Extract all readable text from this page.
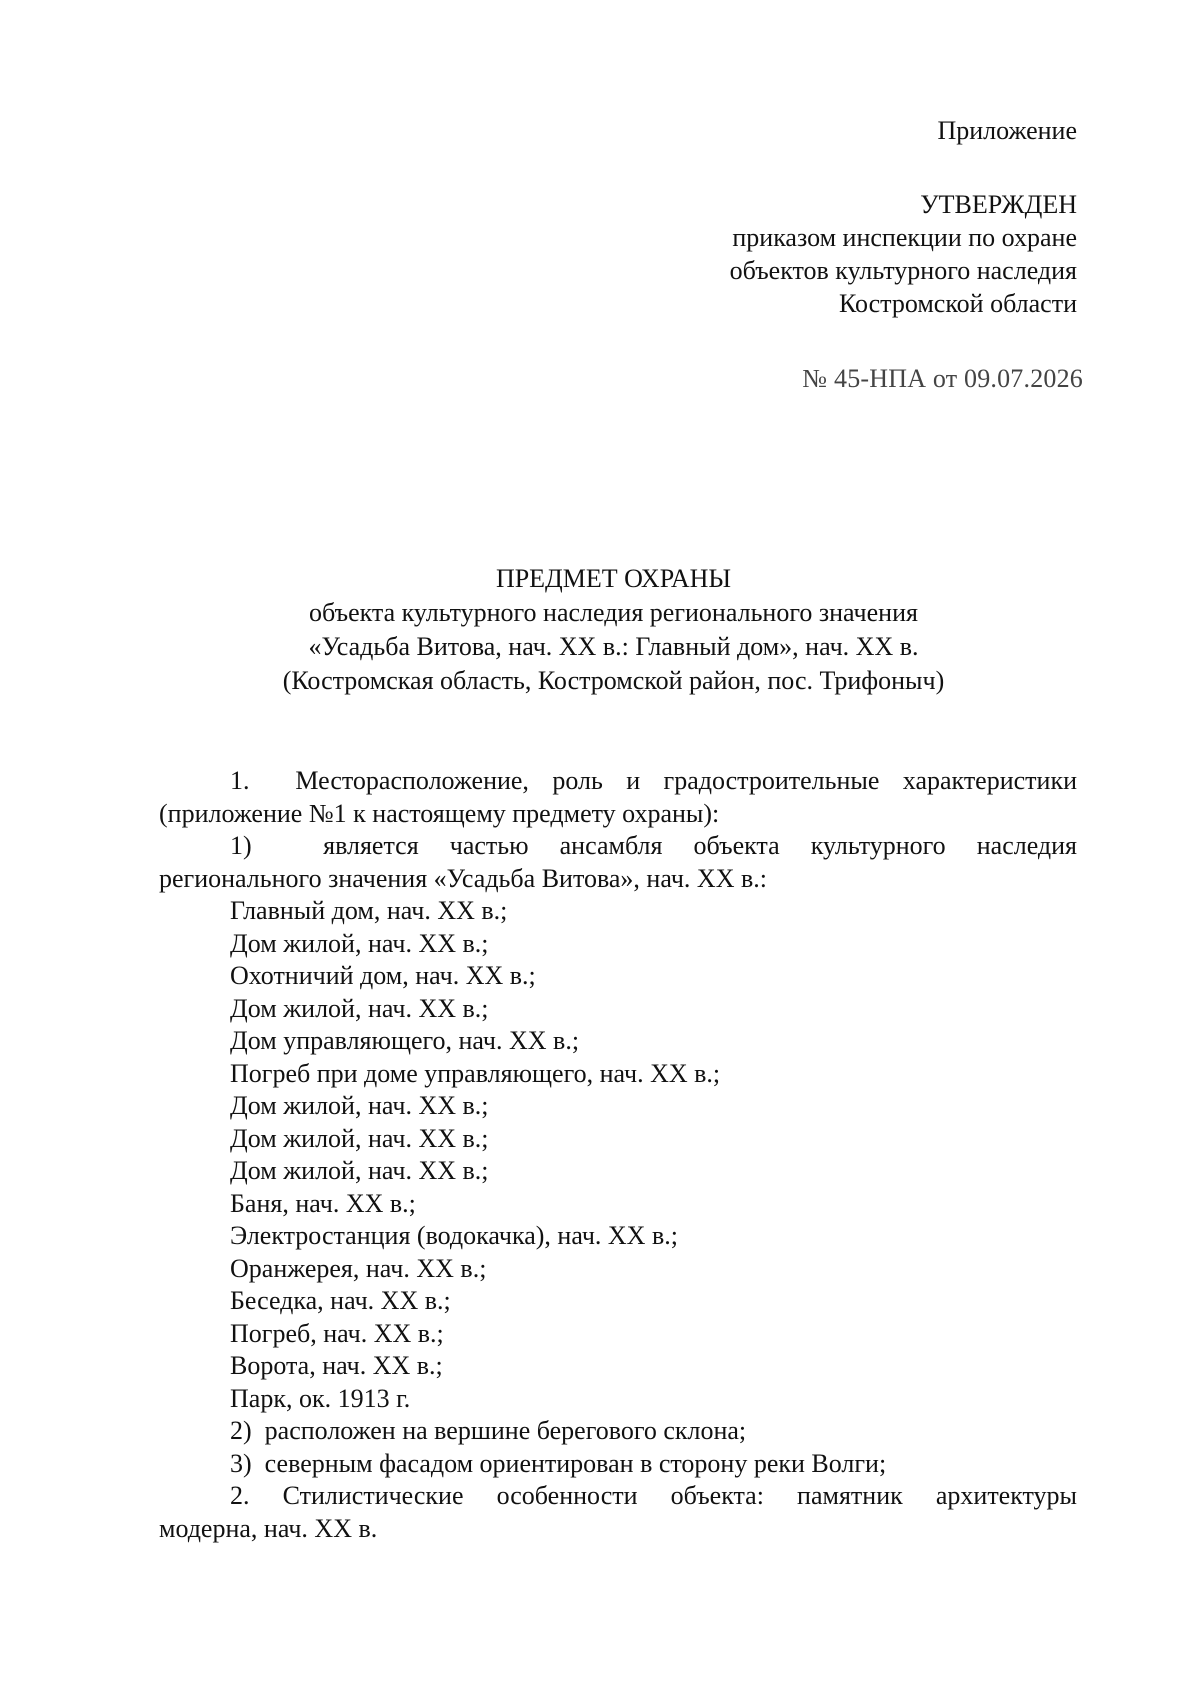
Приложение
УТВЕРЖДЕН
приказом инспекции по охране
объектов культурного наследия
Костромской области
№ 45-НПА от 09.07.2026
ПРЕДМЕТ ОХРАНЫ
объекта культурного наследия регионального значения
«Усадьба Витова, нач. XX в.: Главный дом», нач. XX в.
(Костромская область, Костромской район, пос. Трифоныч)
1. Месторасположение, роль и градостроительные характеристики
(приложение №1 к настоящему предмету охраны):
1)	является частью ансамбля объекта культурного наследия
регионального значения «Усадьба Витова», нач. XX в.:
Главный дом, нач. XX в.;
Дом жилой, нач. XX в.;
Охотничий дом, нач. XX в.;
Дом жилой, нач. XX в.;
Дом управляющего, нач. XX в.;
Погреб при доме управляющего, нач. XX в.;
Дом жилой, нач. XX в.;
Дом жилой, нач. XX в.;
Дом жилой, нач. XX в.;
Баня, нач. XX в.;
Электростанция (водокачка), нач. XX в.;
Оранжерея, нач. XX в.;
Беседка, нач. XX в.;
Погреб, нач. XX в.;
Ворота, нач. XX в.;
Парк, ок. 1913 г.
2) расположен на вершине берегового склона;
3) северным фасадом ориентирован в сторону реки Волги;
2. Стилистические особенности объекта: памятник архитектуры
модерна, нач. XX в.
